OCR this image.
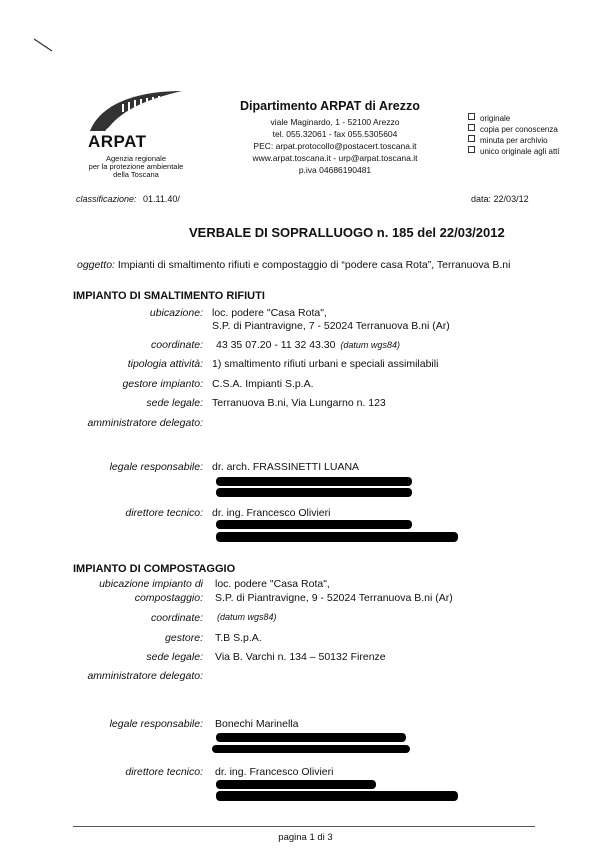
ARPAT
Agenzia regionale
per la protezione ambientale
della Toscana
Dipartimento ARPAT di Arezzo
viale Maginardo, 1 - 52100 Arezzo
tel. 055.32061 - fax 055.5305604
PEC: arpat.protocollo@postacert.toscana.it
www.arpat.toscana.it - urp@arpat.toscana.it
p.iva 04686190481
originale
copia per conoscenza
minuta per archivio
unico originale agli atti
classificazione: 01.11.40/	data: 22/03/12
VERBALE DI SOPRALLUOGO n. 185 del 22/03/2012
oggetto: Impianti di smaltimento rifiuti e compostaggio di “podere casa Rota”, Terranuova B.ni
IMPIANTO DI SMALTIMENTO RIFIUTI
ubicazione: loc. podere "Casa Rota",
S.P. di Piantravigne, 7 - 52024 Terranuova B.ni (Ar)
coordinate: 43 35 07.20 - 11 32 43.30 (datum wgs84)
tipologia attività: 1) smaltimento rifiuti urbani e speciali assimilabili
gestore impianto: C.S.A. Impianti S.p.A.
sede legale: Terranuova B.ni, Via Lungarno n. 123
amministratore delegato:
legale responsabile: dr. arch. FRASSINETTI LUANA
direttore tecnico: dr. ing. Francesco Olivieri
IMPIANTO DI COMPOSTAGGIO
ubicazione impianto di
compostaggio:
loc. podere "Casa Rota",
S.P. di Piantravigne, 9 - 52024 Terranuova B.ni (Ar)
coordinate: (datum wgs84)
gestore: T.B S.p.A.
sede legale: Via B. Varchi n. 134 – 50132 Firenze
amministratore delegato:
legale responsabile: Bonechi Marinella
direttore tecnico: dr. ing. Francesco Olivieri
pagina 1 di 3
